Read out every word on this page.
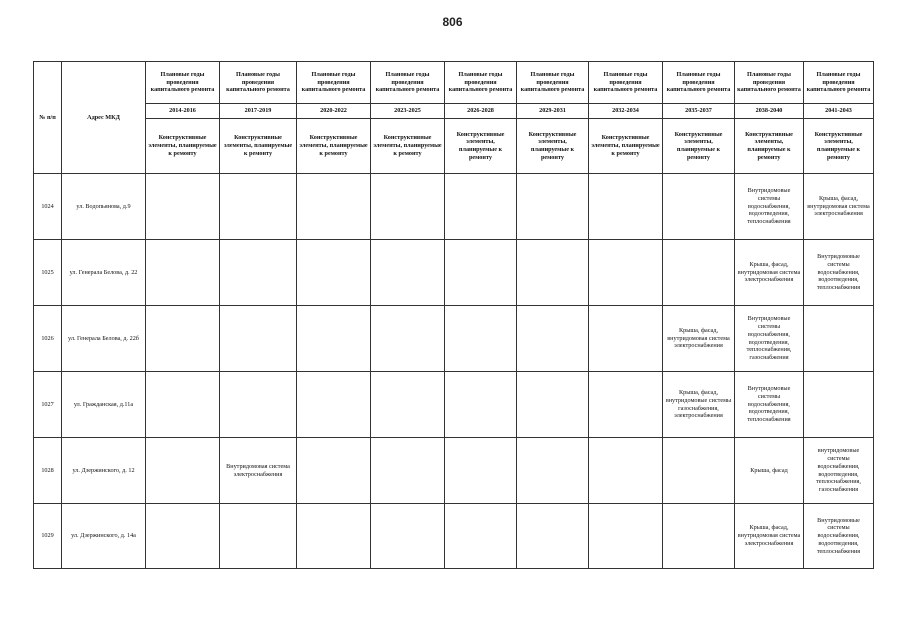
806
№ п/п	Адрес МКД	Плановые годы проведения капитального ремонта	Плановые годы проведения капитального ремонта	Плановые годы проведения капитального ремонта	Плановые годы проведения капитального ремонта	Плановые годы проведения капитального ремонта	Плановые годы проведения капитального ремонта	Плановые годы проведения капитального ремонта	Плановые годы проведения капитального ремонта	Плановые годы проведения капитального ремонта	Плановые годы проведения капитального ремонта
		2014-2016	2017-2019	2020-2022	2023-2025	2026-2028	2029-2031	2032-2034	2035-2037	2038-2040	2041-2043
		Конструктивные элементы, планируемые к ремонту	Конструктивные элементы, планируемые к ремонту	Конструктивные элементы, планируемые к ремонту	Конструктивные элементы, планируемые к ремонту	Конструктивные элементы, планируемые к ремонту	Конструктивные элементы, планируемые к ремонту	Конструктивные элементы, планируемые к ремонту	Конструктивные элементы, планируемые к ремонту	Конструктивные элементы, планируемые к ремонту	Конструктивные элементы, планируемые к ремонту
1024	ул. Водопьянова, д.9									Внутридомовые системы водоснабжения, водоотведения, теплоснабжения	Крыша, фасад, внутридомовая система электроснабжения
1025	ул. Генерала Белова, д. 22									Крыша, фасад, внутридомовая система электроснабжения	Внутридомовые системы водоснабжения, водоотведения, теплоснабжения
1026	ул. Генерала Белова, д. 22б								Крыша, фасад, внутридомовая система электроснабжения	Внутридомовые системы водоснабжения, водоотведения, теплоснабжения, газоснабжения	
1027	ул. Гражданская, д.11а								Крыша, фасад, внутридомовые системы газоснабжения, электроснабжения	Внутридомовые системы водоснабжения, водоотведения, теплоснабжения	
1028	ул. Дзержинского, д. 12		Внутридомовая система электроснабжения							Крыша, фасад	внутридомовые системы водоснабжения, водоотведения, теплоснабжения, газоснабжения
1029	ул. Дзержинского, д. 14а									Крыша, фасад, внутридомовая система электроснабжения	Внутридомовые системы водоснабжения, водоотведения, теплоснабжения
